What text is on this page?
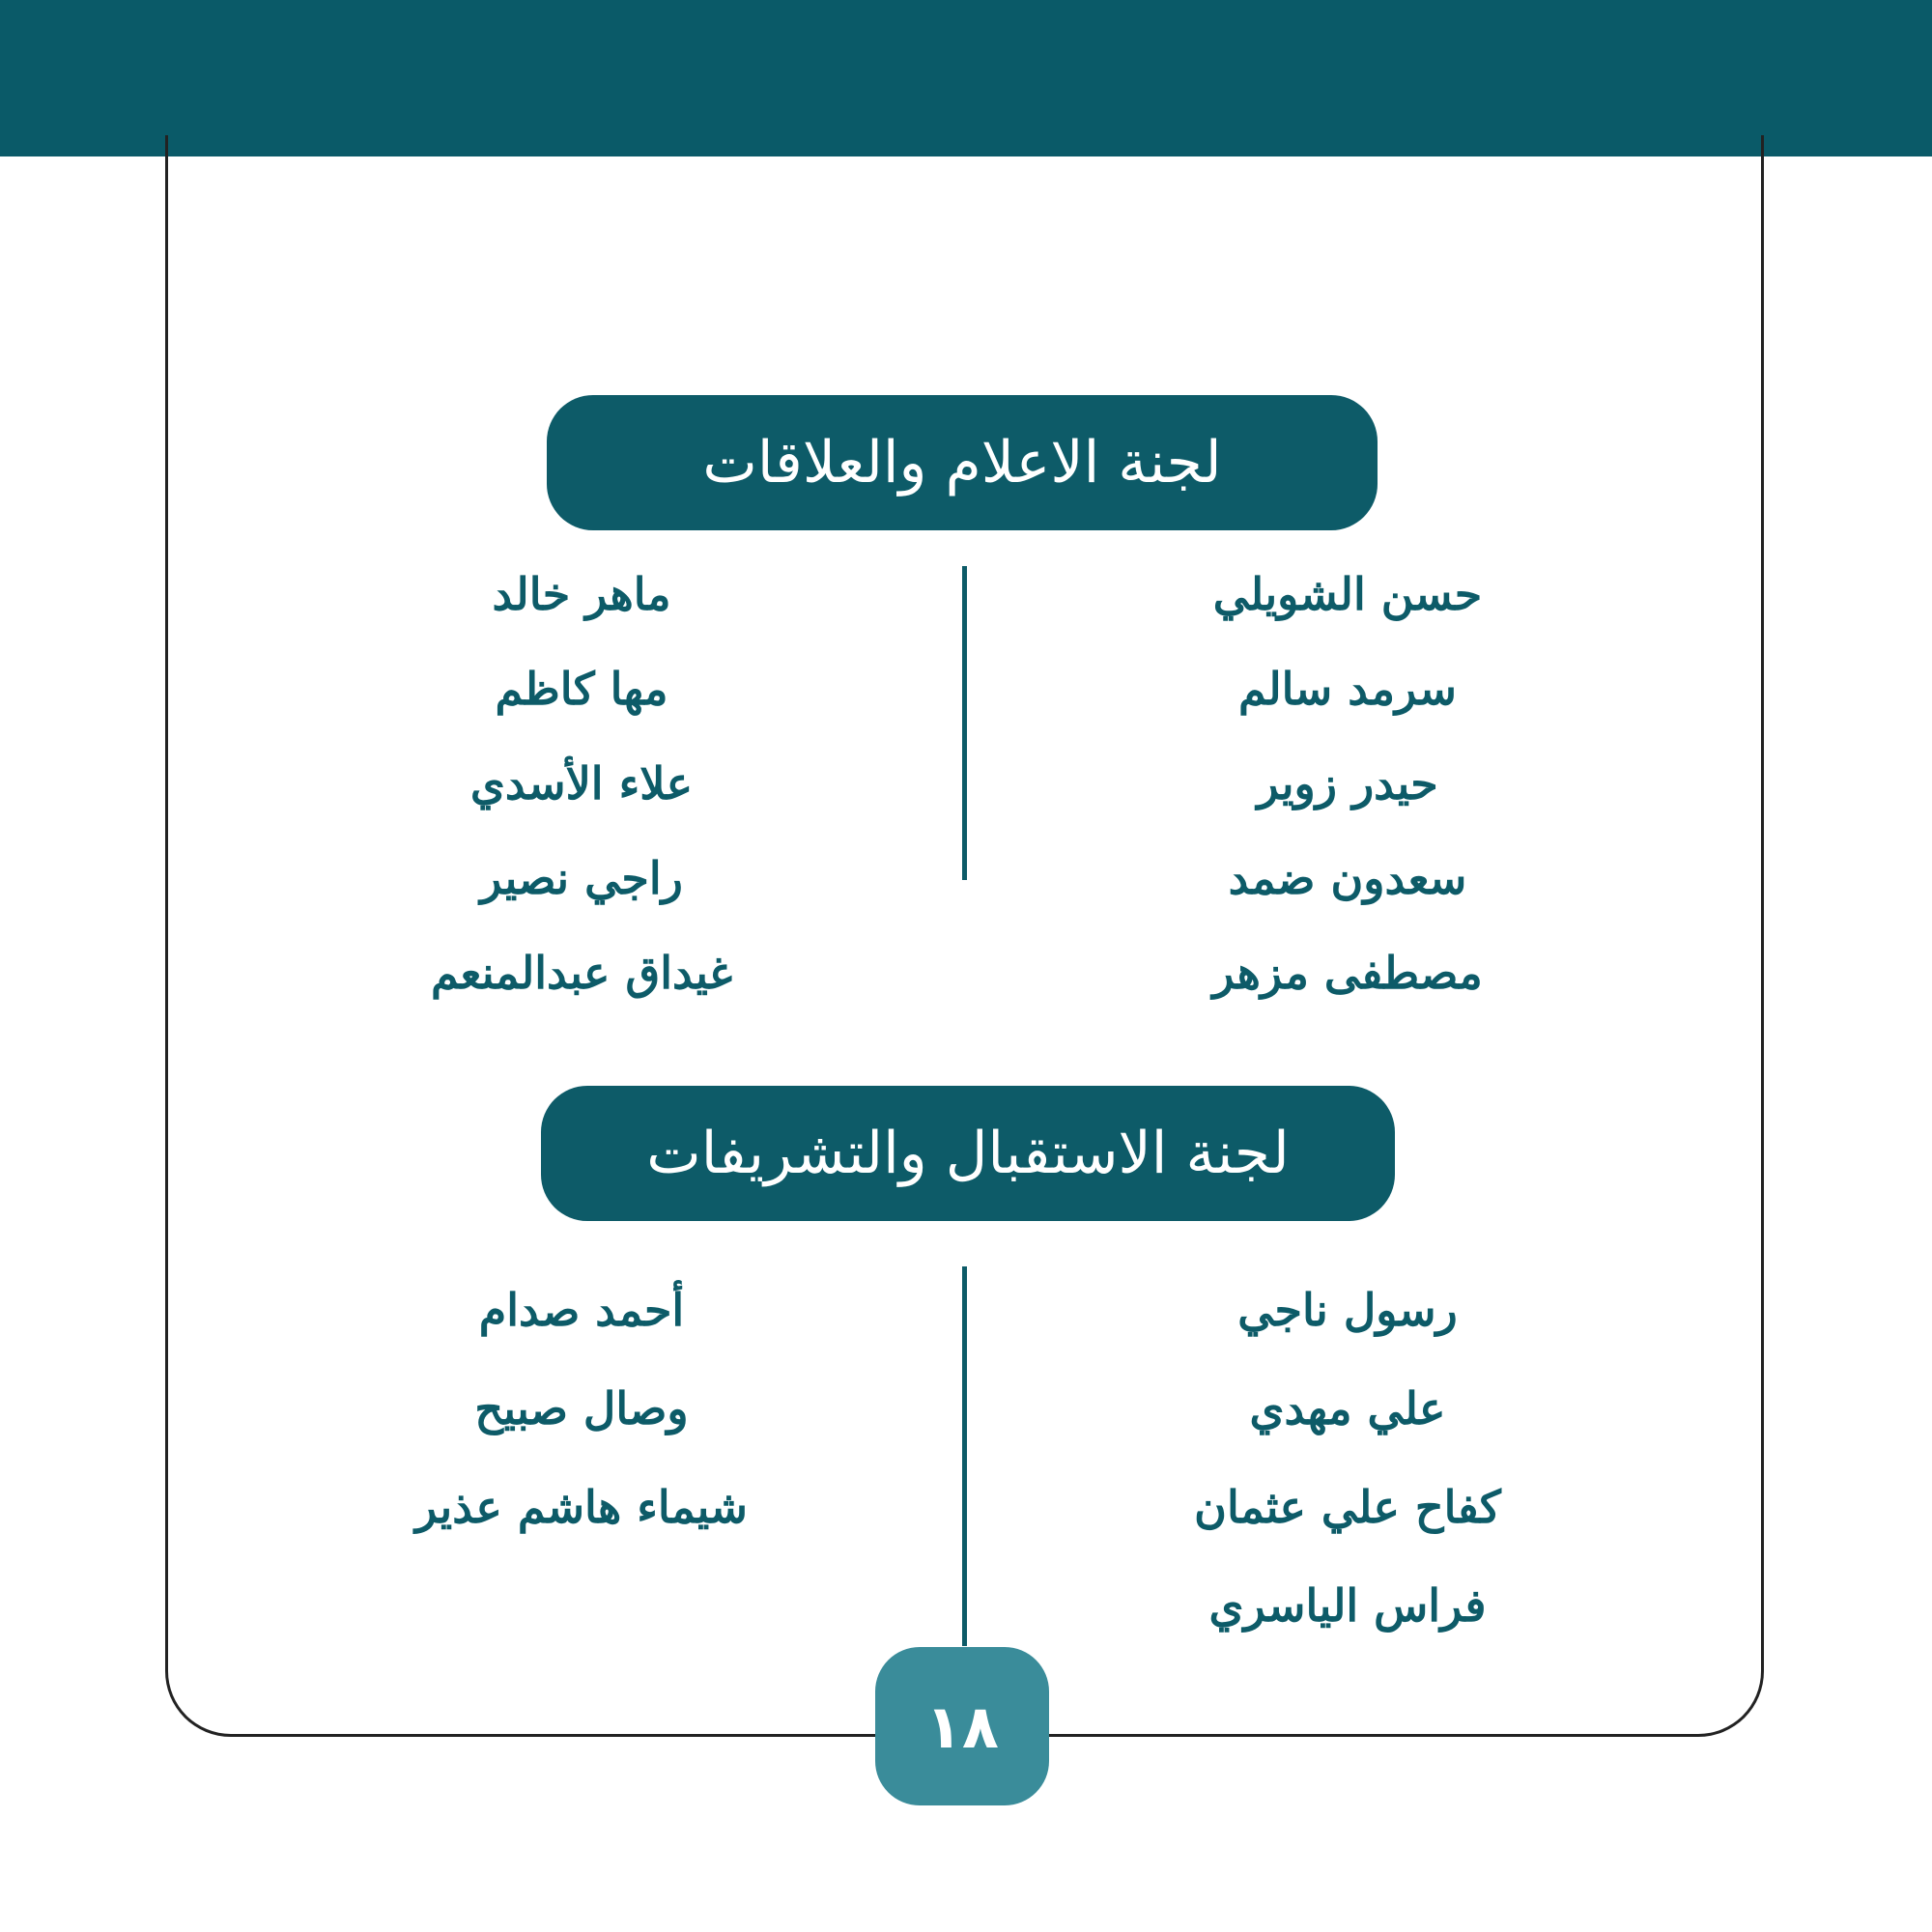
لجنة الاعلام والعلاقات
حسن الشويلي
سرمد سالم
حيدر زوير
سعدون ضمد
مصطفى مزهر
ماهر خالد
مها كاظم
علاء الأسدي
راجي نصير
غيداق عبدالمنعم
لجنة الاستقبال والتشريفات
رسول ناجي
علي مهدي
كفاح علي عثمان
فراس الياسري
أحمد صدام
وصال صبيح
شيماء هاشم عذير
١٨
